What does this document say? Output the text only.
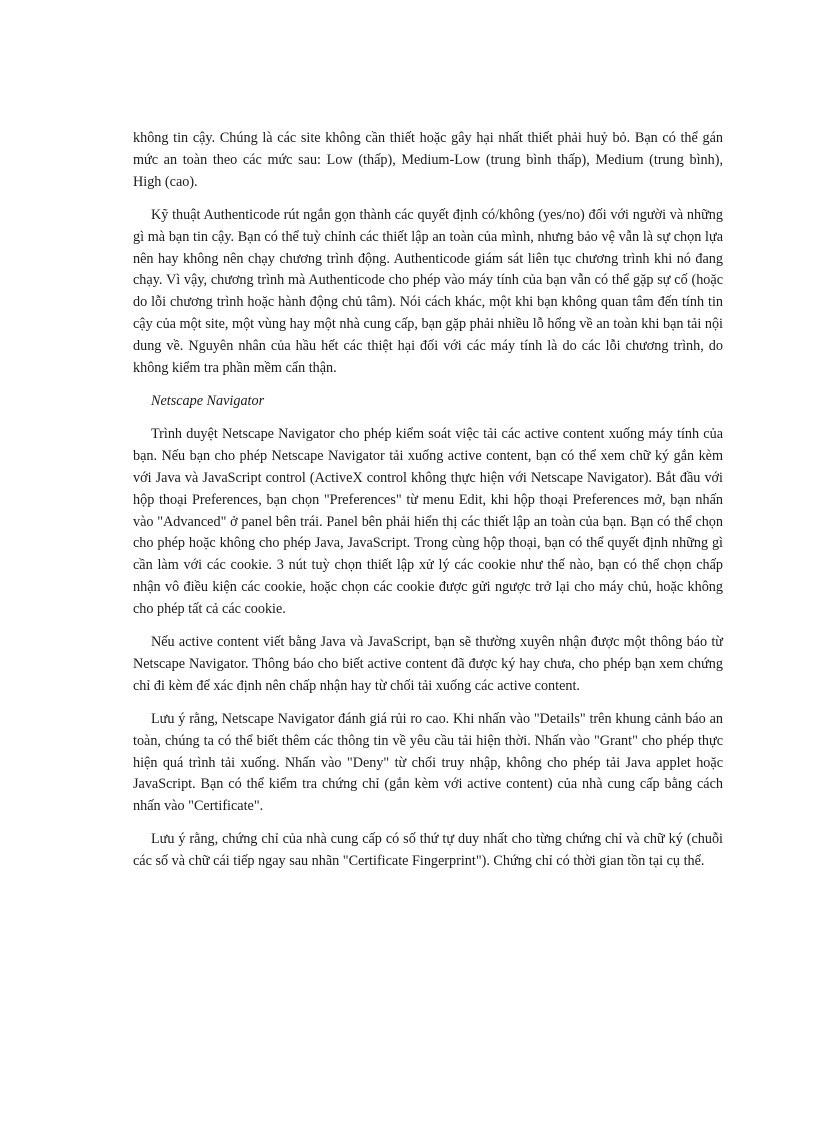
không tin cậy. Chúng là các site không cần thiết hoặc gây hại nhất thiết phải huỷ bỏ. Bạn có thể gán mức an toàn theo các mức sau: Low (thấp), Medium-Low (trung bình thấp), Medium (trung bình), High (cao).

Kỹ thuật Authenticode rút ngắn gọn thành các quyết định có/không (yes/no) đối với người và những gì mà bạn tin cậy. Bạn có thể tuỳ chỉnh các thiết lập an toàn của mình, nhưng bảo vệ vẫn là sự chọn lựa nên hay không nên chạy chương trình động. Authenticode giám sát liên tục chương trình khi nó đang chạy. Vì vậy, chương trình mà Authenticode cho phép vào máy tính của bạn vẫn có thể gặp sự cố (hoặc do lỗi chương trình hoặc hành động chủ tâm). Nói cách khác, một khi bạn không quan tâm đến tính tin cậy của một site, một vùng hay một nhà cung cấp, bạn gặp phải nhiều lỗ hổng về an toàn khi bạn tải nội dung về. Nguyên nhân của hầu hết các thiệt hại đối với các máy tính là do các lỗi chương trình, do không kiểm tra phần mềm cẩn thận.

Netscape Navigator

Trình duyệt Netscape Navigator cho phép kiểm soát việc tải các active content xuống máy tính của bạn. Nếu bạn cho phép Netscape Navigator tải xuống active content, bạn có thể xem chữ ký gắn kèm với Java và JavaScript control (ActiveX control không thực hiện với Netscape Navigator). Bắt đầu với hộp thoại Preferences, bạn chọn "Preferences" từ menu Edit, khi hộp thoại Preferences mở, bạn nhấn vào "Advanced" ở panel bên trái. Panel bên phải hiển thị các thiết lập an toàn của bạn. Bạn có thể chọn cho phép hoặc không cho phép Java, JavaScript. Trong cùng hộp thoại, bạn có thể quyết định những gì cần làm với các cookie. 3 nút tuỳ chọn thiết lập xử lý các cookie như thế nào, bạn có thể chọn chấp nhận vô điều kiện các cookie, hoặc chọn các cookie được gửi ngược trở lại cho máy chủ, hoặc không cho phép tất cả các cookie.

Nếu active content viết bằng Java và JavaScript, bạn sẽ thường xuyên nhận được một thông báo từ Netscape Navigator. Thông báo cho biết active content đã được ký hay chưa, cho phép bạn xem chứng chỉ đi kèm để xác định nên chấp nhận hay từ chối tải xuống các active content.

Lưu ý rằng, Netscape Navigator đánh giá rủi ro cao. Khi nhấn vào "Details" trên khung cảnh báo an toàn, chúng ta có thể biết thêm các thông tin về yêu cầu tải hiện thời. Nhấn vào "Grant" cho phép thực hiện quá trình tải xuống. Nhấn vào "Deny" từ chối truy nhập, không cho phép tải Java applet hoặc JavaScript. Bạn có thể kiểm tra chứng chỉ (gắn kèm với active content) của nhà cung cấp bằng cách nhấn vào "Certificate".

Lưu ý rằng, chứng chỉ của nhà cung cấp có số thứ tự duy nhất cho từng chứng chỉ và chữ ký (chuỗi các số và chữ cái tiếp ngay sau nhãn "Certificate Fingerprint"). Chứng chỉ có thời gian tồn tại cụ thể.
